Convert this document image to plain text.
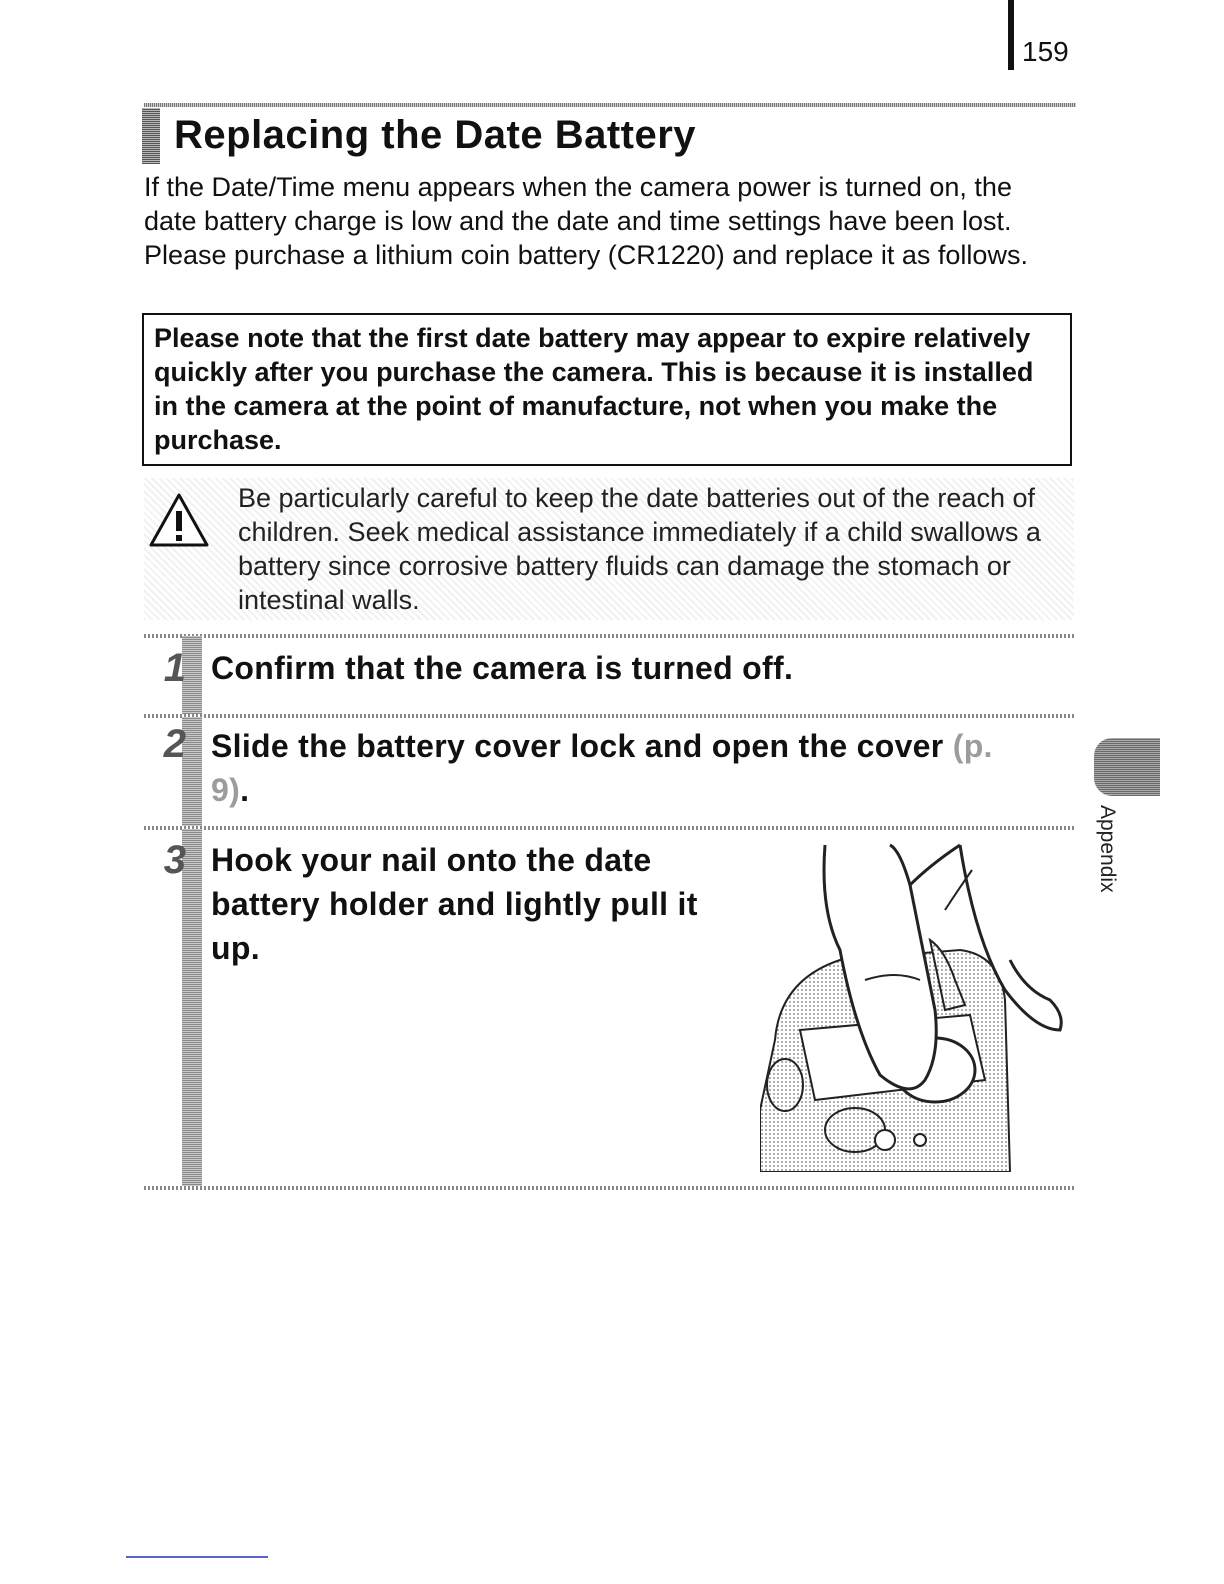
159
Replacing the Date Battery

If the Date/Time menu appears when the camera power is turned on, the date battery charge is low and the date and time settings have been lost. Please purchase a lithium coin battery (CR1220) and replace it as follows.

Please note that the first date battery may appear to expire relatively quickly after you purchase the camera. This is because it is installed in the camera at the point of manufacture, not when you make the purchase.

Be particularly careful to keep the date batteries out of the reach of children. Seek medical assistance immediately if a child swallows a battery since corrosive battery fluids can damage the stomach or intestinal walls.

1 Confirm that the camera is turned off.

2 Slide the battery cover lock and open the cover (p. 9).

3 Hook your nail onto the date battery holder and lightly pull it up.

Appendix
